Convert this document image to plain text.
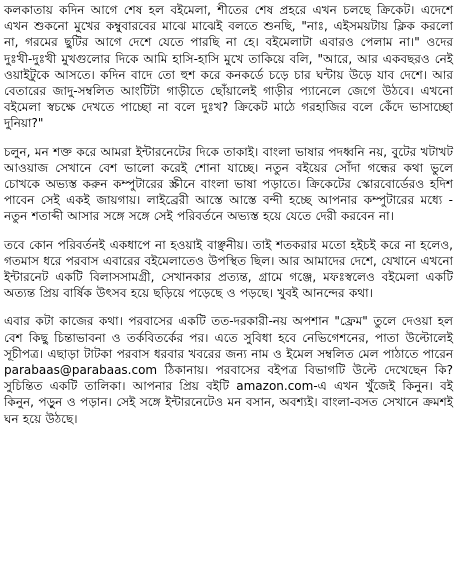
কলকাতায় কদিন আগে শেষ হল বইমেলা, শীতের শেষ প্রহরে এখন চলছে ক্রিকেট। এদেশে এখন শুকনো মুখের কম্বুবারবের মাঝে মাঝেই বলতে শুনছি, "নাঃ, এইসময়টায় ক্লিক করলো না, গরমের ছুটির আগে দেশে যেতে পারছি না হে। বইমেলাটা এবারও পেলাম না।" ওদের দুঃখী-দুঃখী মুখগুলোর দিকে আমি হাসি-হাসি মুখে তাকিয়ে বলি, "আরে, আর একবছরও নেই ওয়াইটুকে আসতে। কদিন বাদে তো হুশ করে কনকর্ডে চড়ে চার ঘন্টায় উড়ে যাব দেশে। আর বেতারের জাদু-সম্বলিত আংটিটা গাড়ীতে ছোঁয়ালেই গাড়ীর প্যানেলে জেগে উঠবে। এখনো বইমেলা স্বচক্ষে দেখতে পাচ্ছো না বলে দুঃখ? ক্রিকেট মাঠে গরহাজির বলে কেঁদে ভাসাচ্ছো দুনিয়া?"

চলুন, মন শক্ত করে আমরা ইন্টারনেটের দিকে তাকাই। বাংলা ভাষার পদধ্বনি নয়, বুটের খটাখট আওয়াজ সেখানে বেশ ভালো করেই শোনা যাচ্ছে। নতুন বইয়ের সোঁদা গন্ধের কথা ভুলে চোখকে অভ্যস্ত করুন কম্পুটারের স্ক্রীনে বাংলা ভাষা পড়াতে। ক্রিকেটের স্কোরবোর্ডেরও হদিশ পাবেন সেই একই জায়গায়। লাইব্রেরী আস্তে আস্তে বন্দী হচ্ছে আপনার কম্পুটারের মধ্যে - নতুন শতাব্দী আসার সঙ্গে সঙ্গে সেই পরিবর্তনে অভ্যস্ত হয়ে যেতে দেরী করবেন না।

তবে কোন পরিবর্তনই একধাপে না হওয়াই বাঞ্ছনীয়। তাই শতকরার মতো হইচই করে না হলেও, গতমাস ধরে পরবাস এবারের বইমেলাতেও উপস্থিত ছিল। আর আমাদের দেশে, যেখানে এখনো ইন্টারনেট একটি বিলাসসামগ্রী, সেখানকার প্রত্যন্ত, গ্রামে গঞ্জে, মফঃস্বলেও বইমেলা একটি অত্যন্ত প্রিয় বার্ষিক উৎসব হয়ে ছড়িয়ে পড়েছে ও পড়ছে। খুবই আনন্দের কথা।

এবার কটা কাজের কথা। পরবাসের একটি তত-দরকারী-নয় অপশান "ফ্রেম" তুলে দেওয়া হল বেশ কিছু চিন্তাভাবনা ও তর্কবিতর্কের পর। এতে সুবিধা হবে নেভিগেশনের, পাতা উল্টোলেই সূচীপত্র। এছাড়া টাটকা পরবাস ধরবার খবরের জন্য নাম ও ইমেল সম্বলিত মেল পাঠাতে পারেন parabaas@parabaas.com ঠিকানায়। পরবাসের বইপত্র বিভাগটি উল্টে দেখেছেন কি? সুচিন্তিত একটি তালিকা। আপনার প্রিয় বইটি amazon.com-এ এখন খুঁজেই কিনুন। বই কিনুন, পড়ুন ও পড়ান। সেই সঙ্গে ইন্টারনেটেও মন বসান, অবশ্যই। বাংলা-বসত সেখানে ক্রমশই ঘন হয়ে উঠছে।
